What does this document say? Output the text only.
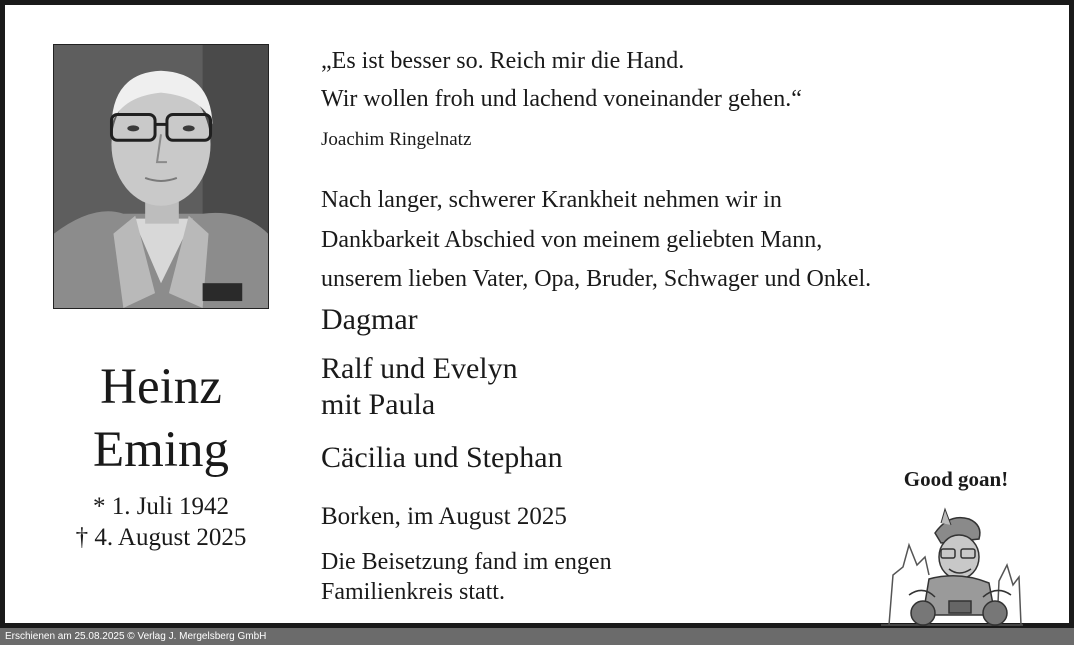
Heinz
Eming
* 1. Juli 1942
† 4. August 2025
„Es ist besser so. Reich mir die Hand.
Wir wollen froh und lachend voneinander gehen.“
Joachim Ringelnatz
Nach langer, schwerer Krankheit nehmen wir in
Dankbarkeit Abschied von meinem geliebten Mann,
unserem lieben Vater, Opa, Bruder, Schwager und Onkel.
Dagmar
Ralf und Evelyn
mit Paula
Cäcilia und Stephan
Borken, im August 2025
Die Beisetzung fand im engen
Familienkreis statt.
Good goan!
Erschienen am 25.08.2025 © Verlag J. Mergelsberg GmbH
